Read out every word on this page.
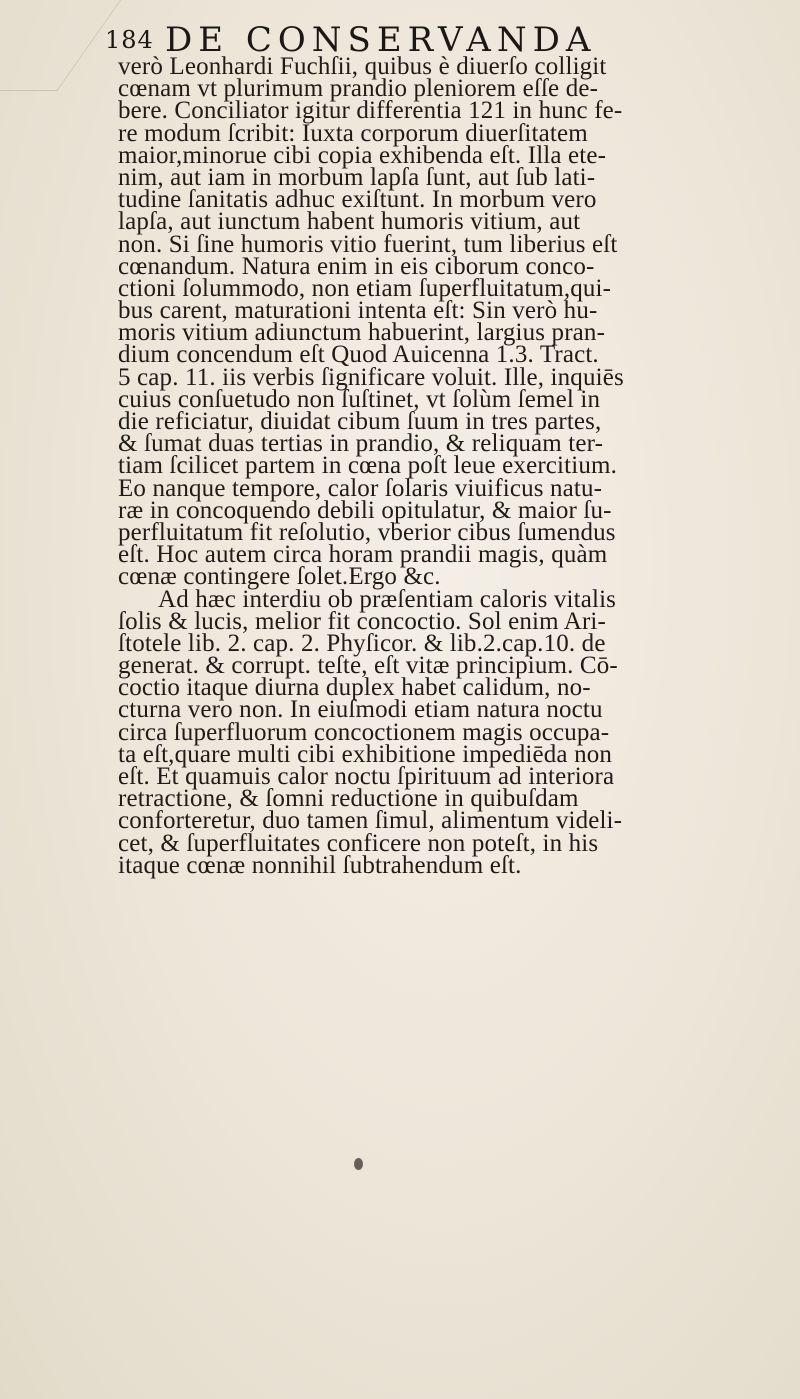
184 DE CONSERVANDA
verò Leonhardi Fuchſii, quibus è diuerſo colligit
cœnam vt plurimum prandio pleniorem eſſe de-
bere. Conciliator igitur differentia 121 in hunc fe-
re modum ſcribit: Iuxta corporum diuerſitatem
maior,minorue cibi copia exhibenda eſt. Illa ete-
nim, aut iam in morbum lapſa ſunt, aut ſub lati-
tudine ſanitatis adhuc exiſtunt. In morbum vero
lapſa, aut iunctum habent humoris vitium, aut
non. Si ſine humoris vitio fuerint, tum liberius eſt
cœnandum. Natura enim in eis ciborum conco-
ctioni ſolummodo, non etiam ſuperfluitatum,qui-
bus carent, maturationi intenta eſt: Sin verò hu-
moris vitium adiunctum habuerint, largius pran-
dium concendum eſt Quod Auicenna 1.3. Tract.
5 cap. 11. iis verbis ſignificare voluit. Ille, inquiēs
cuius conſuetudo non ſuſtinet, vt ſolùm ſemel in
die reficiatur, diuidat cibum ſuum in tres partes,
& ſumat duas tertias in prandio, & reliquam ter-
tiam ſcilicet partem in cœna poſt leue exercitium.
Eo nanque tempore, calor ſolaris viuificus natu-
ræ in concoquendo debili opitulatur, & maior ſu-
perfluitatum fit reſolutio, vberior cibus ſumendus
eſt. Hoc autem circa horam prandii magis, quàm
cœnæ contingere ſolet.Ergo &c.
Ad hæc interdiu ob præſentiam caloris vitalis
ſolis & lucis, melior fit concoctio. Sol enim Ari-
ſtotele lib. 2. cap. 2. Phyſicor. & lib.2.cap.10. de
generat. & corrupt. teſte, eſt vitæ principium. Cō-
coctio itaque diurna duplex habet calidum, no-
cturna vero non. In eiuſmodi etiam natura noctu
circa ſuperfluorum concoctionem magis occupa-
ta eſt,quare multi cibi exhibitione impediēda non
eſt. Et quamuis calor noctu ſpirituum ad interiora
retractione, & ſomni reductione in quibuſdam
conforteretur, duo tamen ſimul, alimentum videli-
cet, & ſuperfluitates conficere non poteſt, in his
itaque cœnæ nonnihil ſubtrahendum eſt.
